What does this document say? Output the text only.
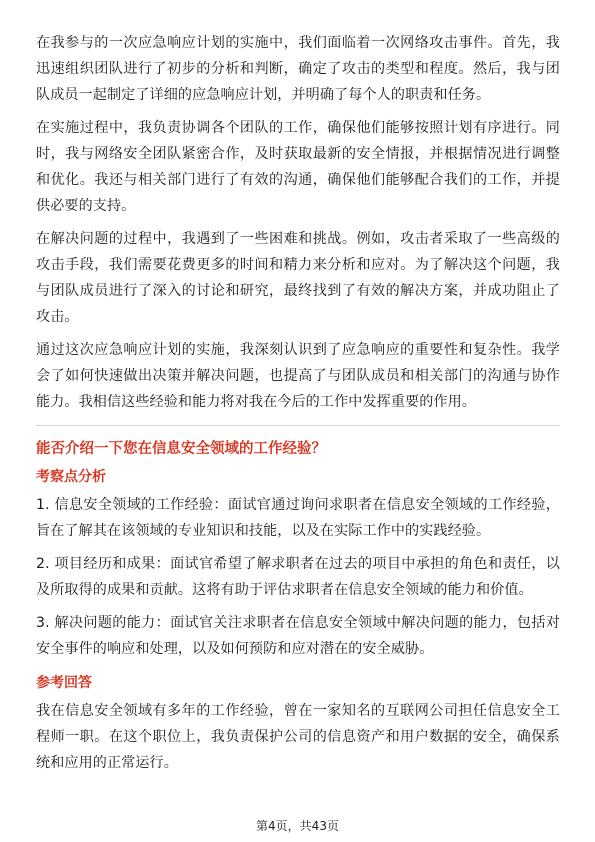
在我参与的一次应急响应计划的实施中，我们面临着一次网络攻击事件。首先，我迅速组织团队进行了初步的分析和判断，确定了攻击的类型和程度。然后，我与团队成员一起制定了详细的应急响应计划，并明确了每个人的职责和任务。

在实施过程中，我负责协调各个团队的工作，确保他们能够按照计划有序进行。同时，我与网络安全团队紧密合作，及时获取最新的安全情报，并根据情况进行调整和优化。我还与相关部门进行了有效的沟通，确保他们能够配合我们的工作，并提供必要的支持。

在解决问题的过程中，我遇到了一些困难和挑战。例如，攻击者采取了一些高级的攻击手段，我们需要花费更多的时间和精力来分析和应对。为了解决这个问题，我与团队成员进行了深入的讨论和研究，最终找到了有效的解决方案，并成功阻止了攻击。

通过这次应急响应计划的实施，我深刻认识到了应急响应的重要性和复杂性。我学会了如何快速做出决策并解决问题，也提高了与团队成员和相关部门的沟通与协作能力。我相信这些经验和能力将对我在今后的工作中发挥重要的作用。

能否介绍一下您在信息安全领域的工作经验？
考察点分析

1. 信息安全领域的工作经验：面试官通过询问求职者在信息安全领域的工作经验，旨在了解其在该领域的专业知识和技能，以及在实际工作中的实践经验。

2. 项目经历和成果：面试官希望了解求职者在过去的项目中承担的角色和责任，以及所取得的成果和贡献。这将有助于评估求职者在信息安全领域的能力和价值。

3. 解决问题的能力：面试官关注求职者在信息安全领域中解决问题的能力，包括对安全事件的响应和处理，以及如何预防和应对潜在的安全威胁。

参考回答

我在信息安全领域有多年的工作经验，曾在一家知名的互联网公司担任信息安全工程师一职。在这个职位上，我负责保护公司的信息资产和用户数据的安全，确保系统和应用的正常运行。

第4页，共43页
